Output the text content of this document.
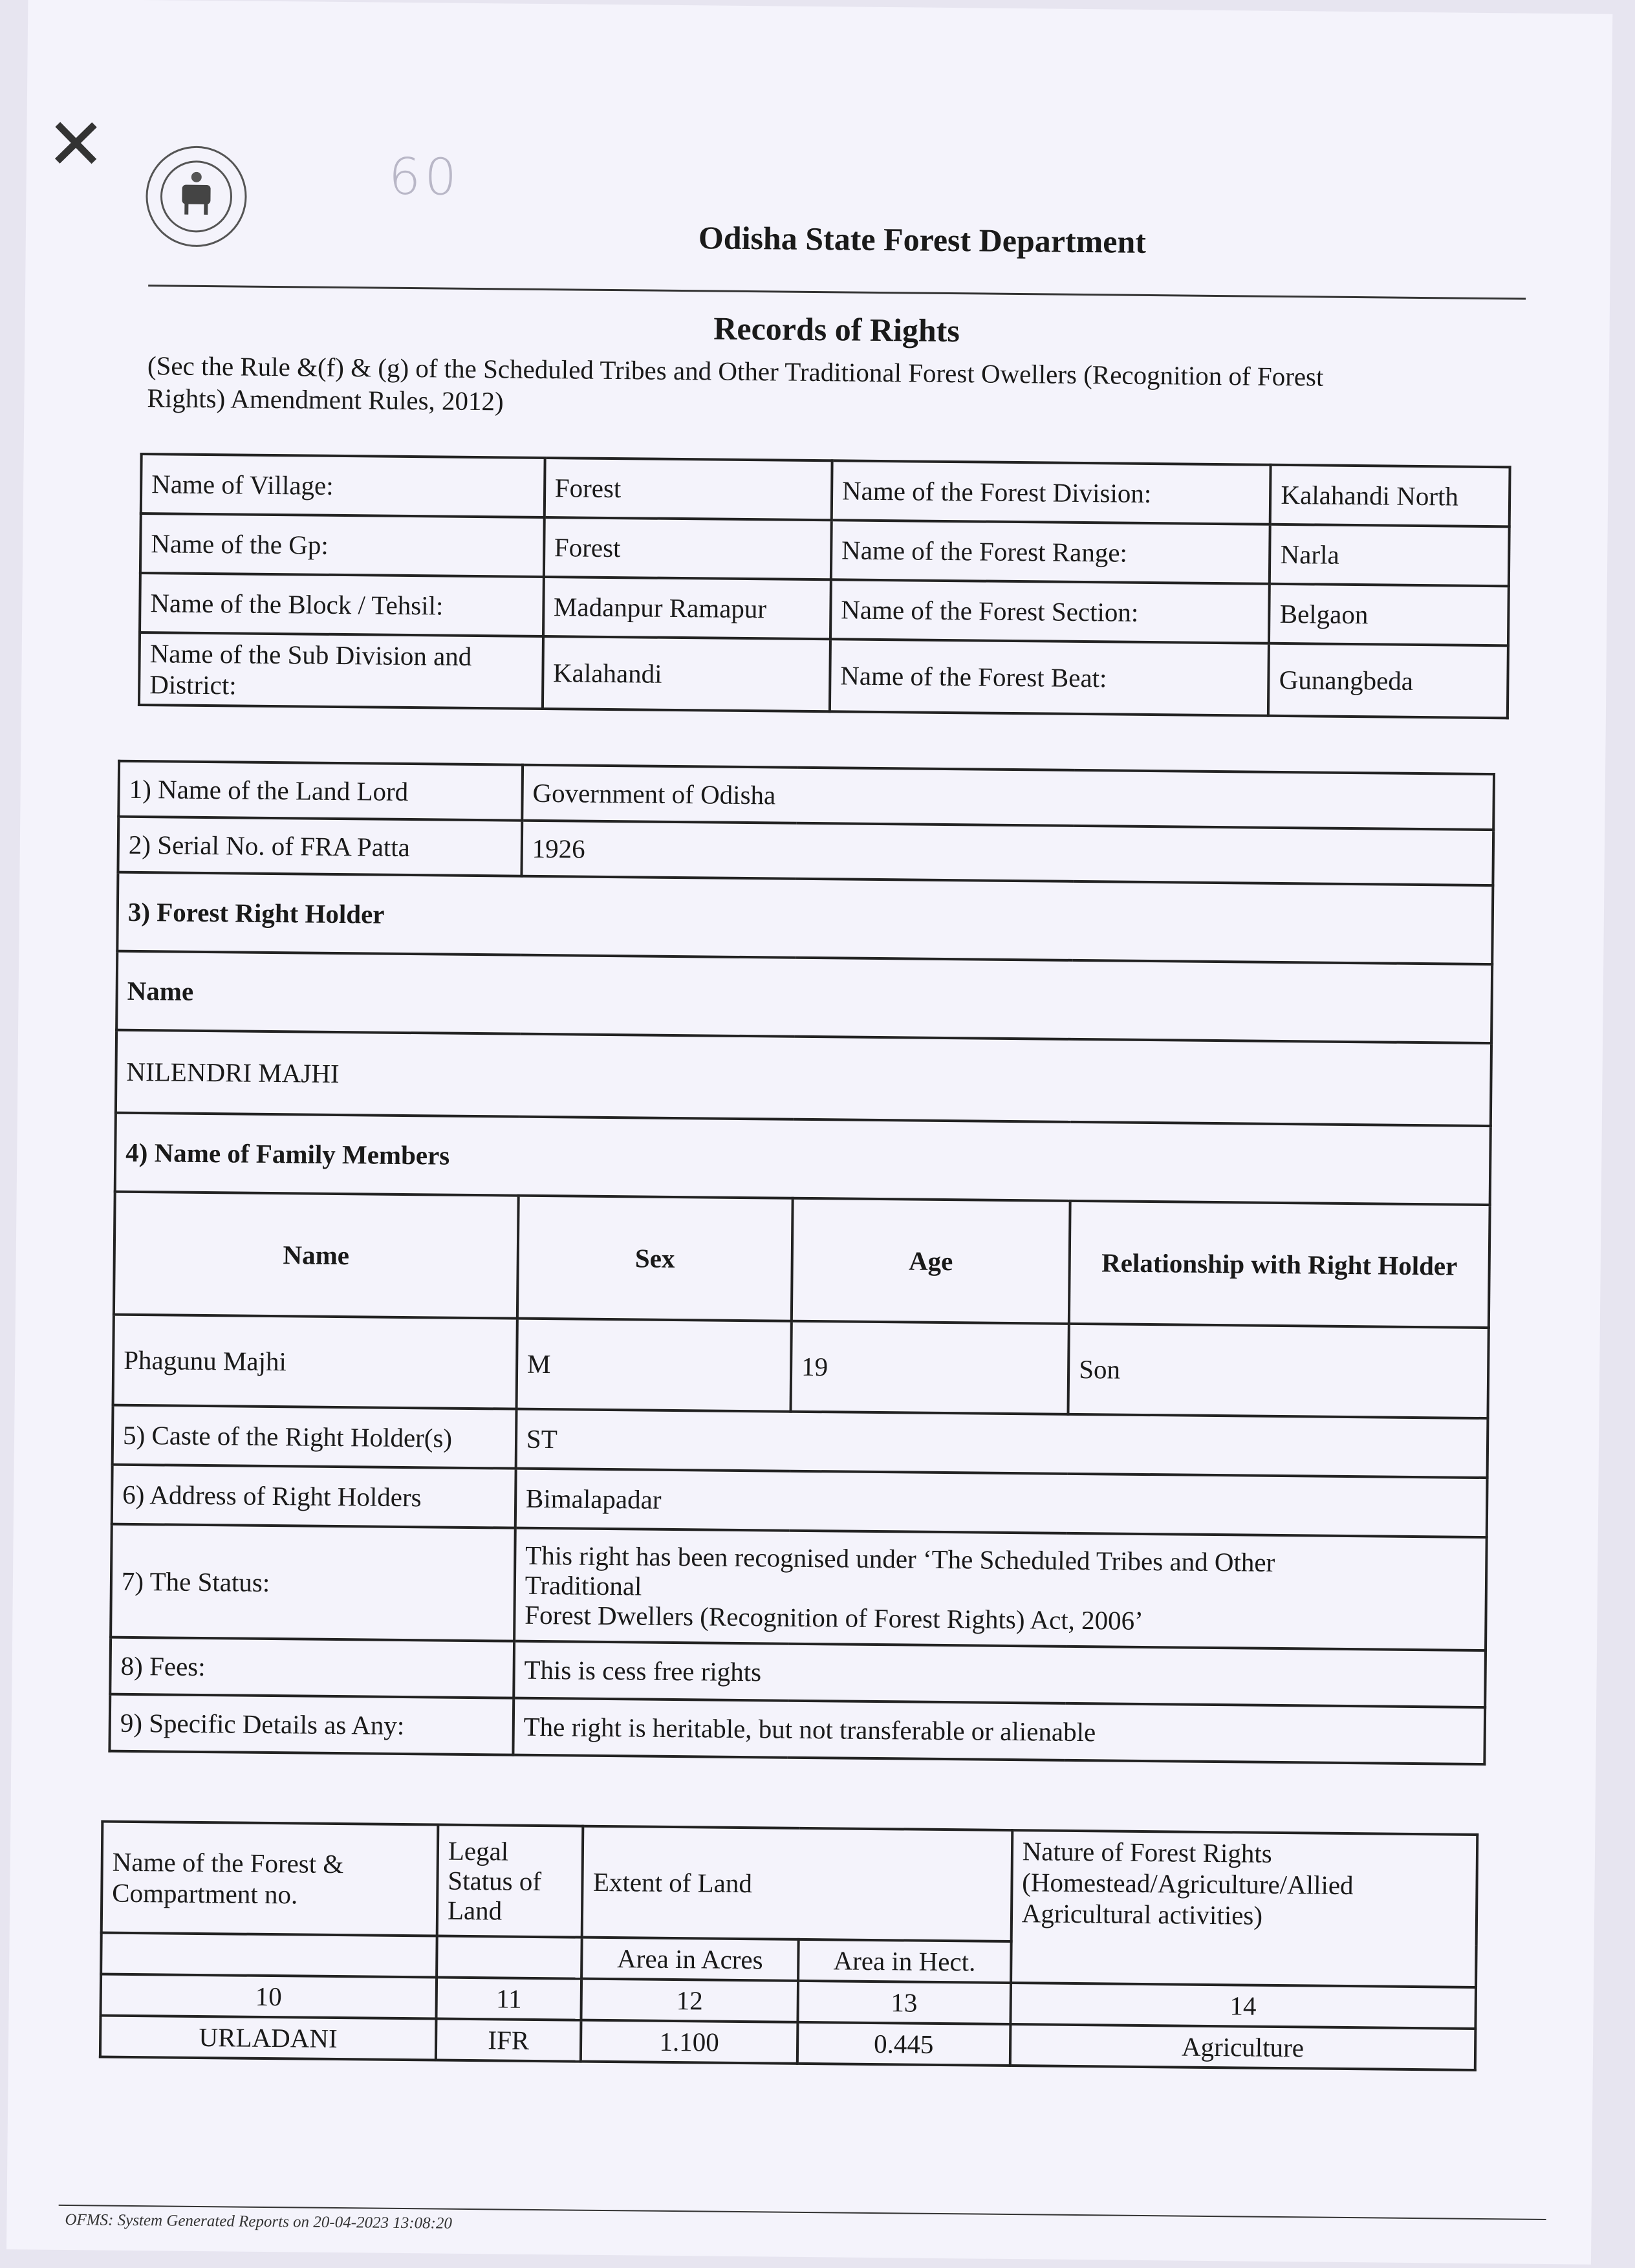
✕	60
Odisha State Forest Department
Records of Rights
(Sec the Rule &(f) & (g) of the Scheduled Tribes and Other Traditional Forest Owellers (Recognition of Forest
Rights) Amendment Rules, 2012)
Name of Village:	Forest	Name of the Forest Division:	Kalahandi North
Name of the Gp:	Forest	Name of the Forest Range:	Narla
Name of the Block / Tehsil:	Madanpur Ramapur	Name of the Forest Section:	Belgaon
Name of the Sub Division and District:	Kalahandi	Name of the Forest Beat:	Gunangbeda
1) Name of the Land Lord	Government of Odisha		
2) Serial No. of FRA Patta	1926		
3) Forest Right Holder			
Name			
NILENDRI MAJHI			
4) Name of Family Members			
Name	Sex	Age	Relationship with Right Holder
Phagunu Majhi	M	19	Son
5) Caste of the Right Holder(s)	ST		
6) Address of Right Holders	Bimalapadar		
7) The Status:	This right has been recognised under ‘The Scheduled Tribes and Other
Traditional
Forest Dwellers (Recognition of Forest Rights) Act, 2006’		

8) Fees:	This is cess free rights		
9) Specific Details as Any:	The right is heritable, but not transferable or alienable		
Name of the Forest & Compartment no.	Legal Status of Land	Extent of Land		Nature of Forest Rights (Homestead/Agriculture/Allied Agricultural activities)
		Area in Acres	Area in Hect.	
10	11	12	13	14
URLADANI	IFR	1.100	0.445	Agriculture
OFMS: System Generated Reports on 20-04-2023 13:08:20
